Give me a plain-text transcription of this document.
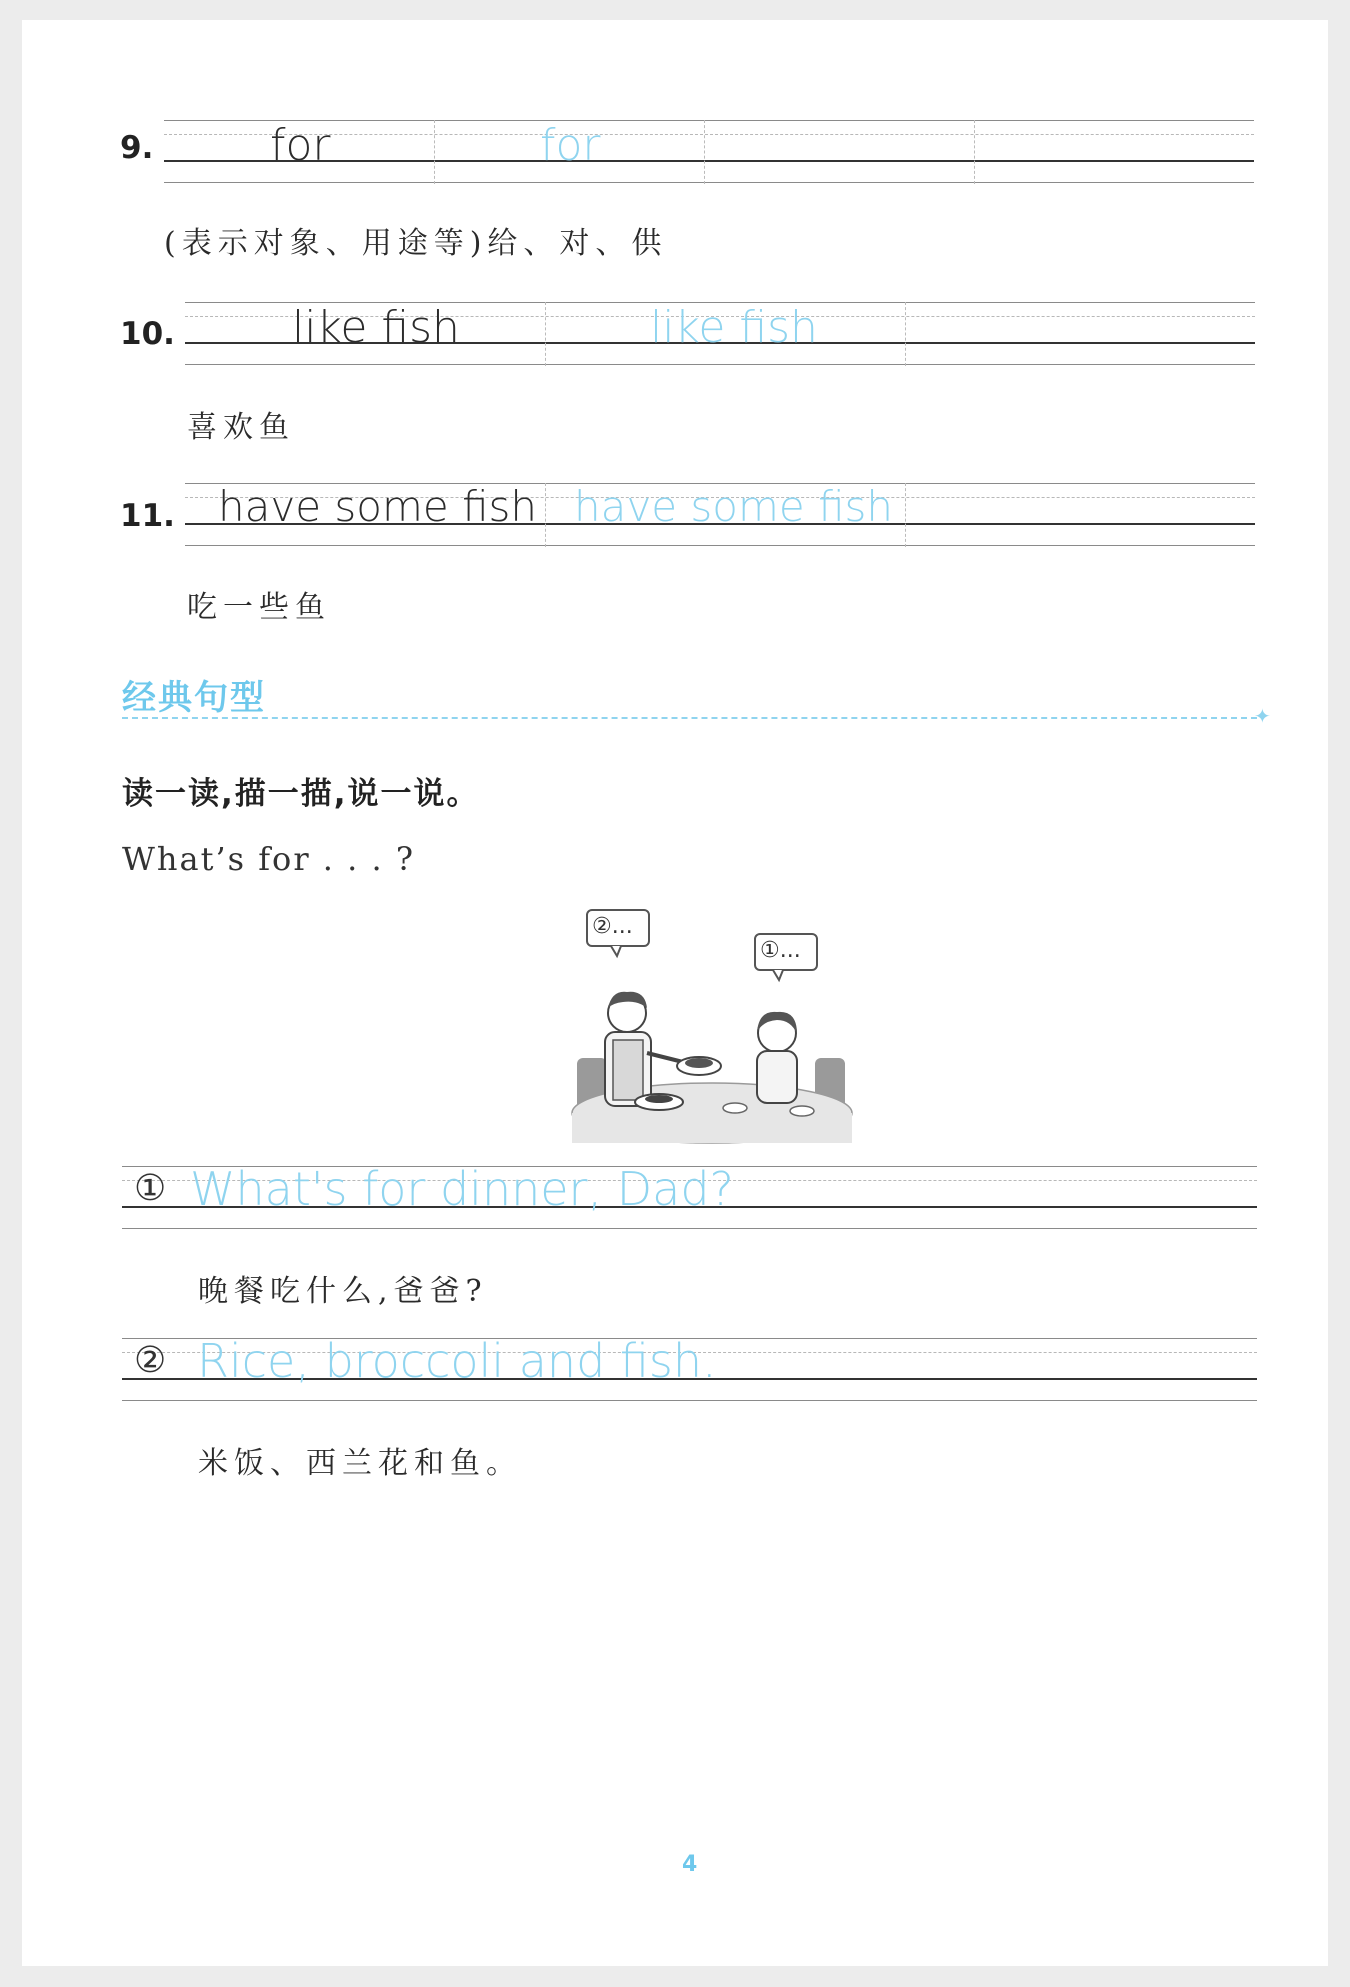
9.	for	for
(表示对象、用途等)给、对、供
10.	like fish	like fish
喜欢鱼
11. have some fish have some fish
吃一些鱼
经典句型	✦
读一读,描一描,说一说。
What’s for . . . ?
②...
①...
① What's for dinner, Dad?
晚餐吃什么,爸爸?
② Rice, broccoli and fish.
米饭、西兰花和鱼。
4
